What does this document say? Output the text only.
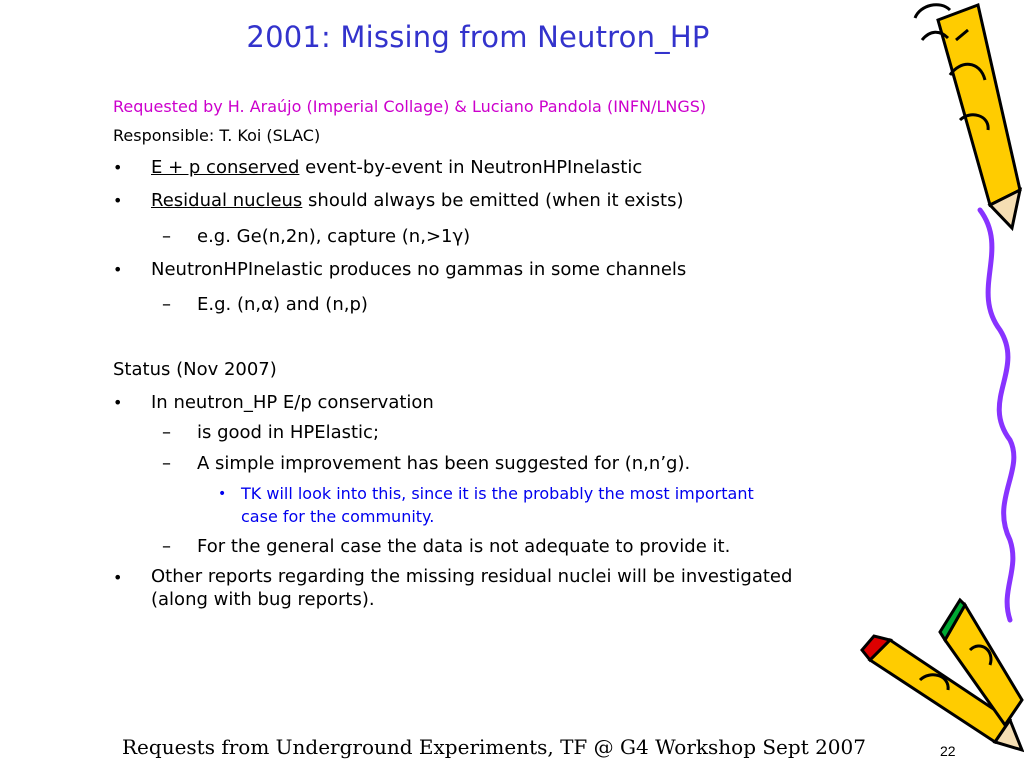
2001: Missing from Neutron_HP
Requested by H. Araújo (Imperial Collage) & Luciano Pandola (INFN/LNGS)
Responsible: T. Koi (SLAC)
• E + p conserved event-by-event in NeutronHPInelastic
• Residual nucleus should always be emitted (when it exists)
– e.g. Ge(n,2n), capture (n,>1γ)
• NeutronHPInelastic produces no gammas in some channels
– E.g. (n,α) and (n,p)
Status (Nov 2007)
• In neutron_HP E/p conservation
– is good in HPElastic;
– A simple improvement has been suggested for (n,n’g).
• TK will look into this, since it is the probably the most important
case for the community.
– For the general case the data is not adequate to provide it.
• Other reports regarding the missing residual nuclei will be investigated
(along with bug reports).
Requests from Underground Experiments, TF @ G4 Workshop Sept 2007	22
